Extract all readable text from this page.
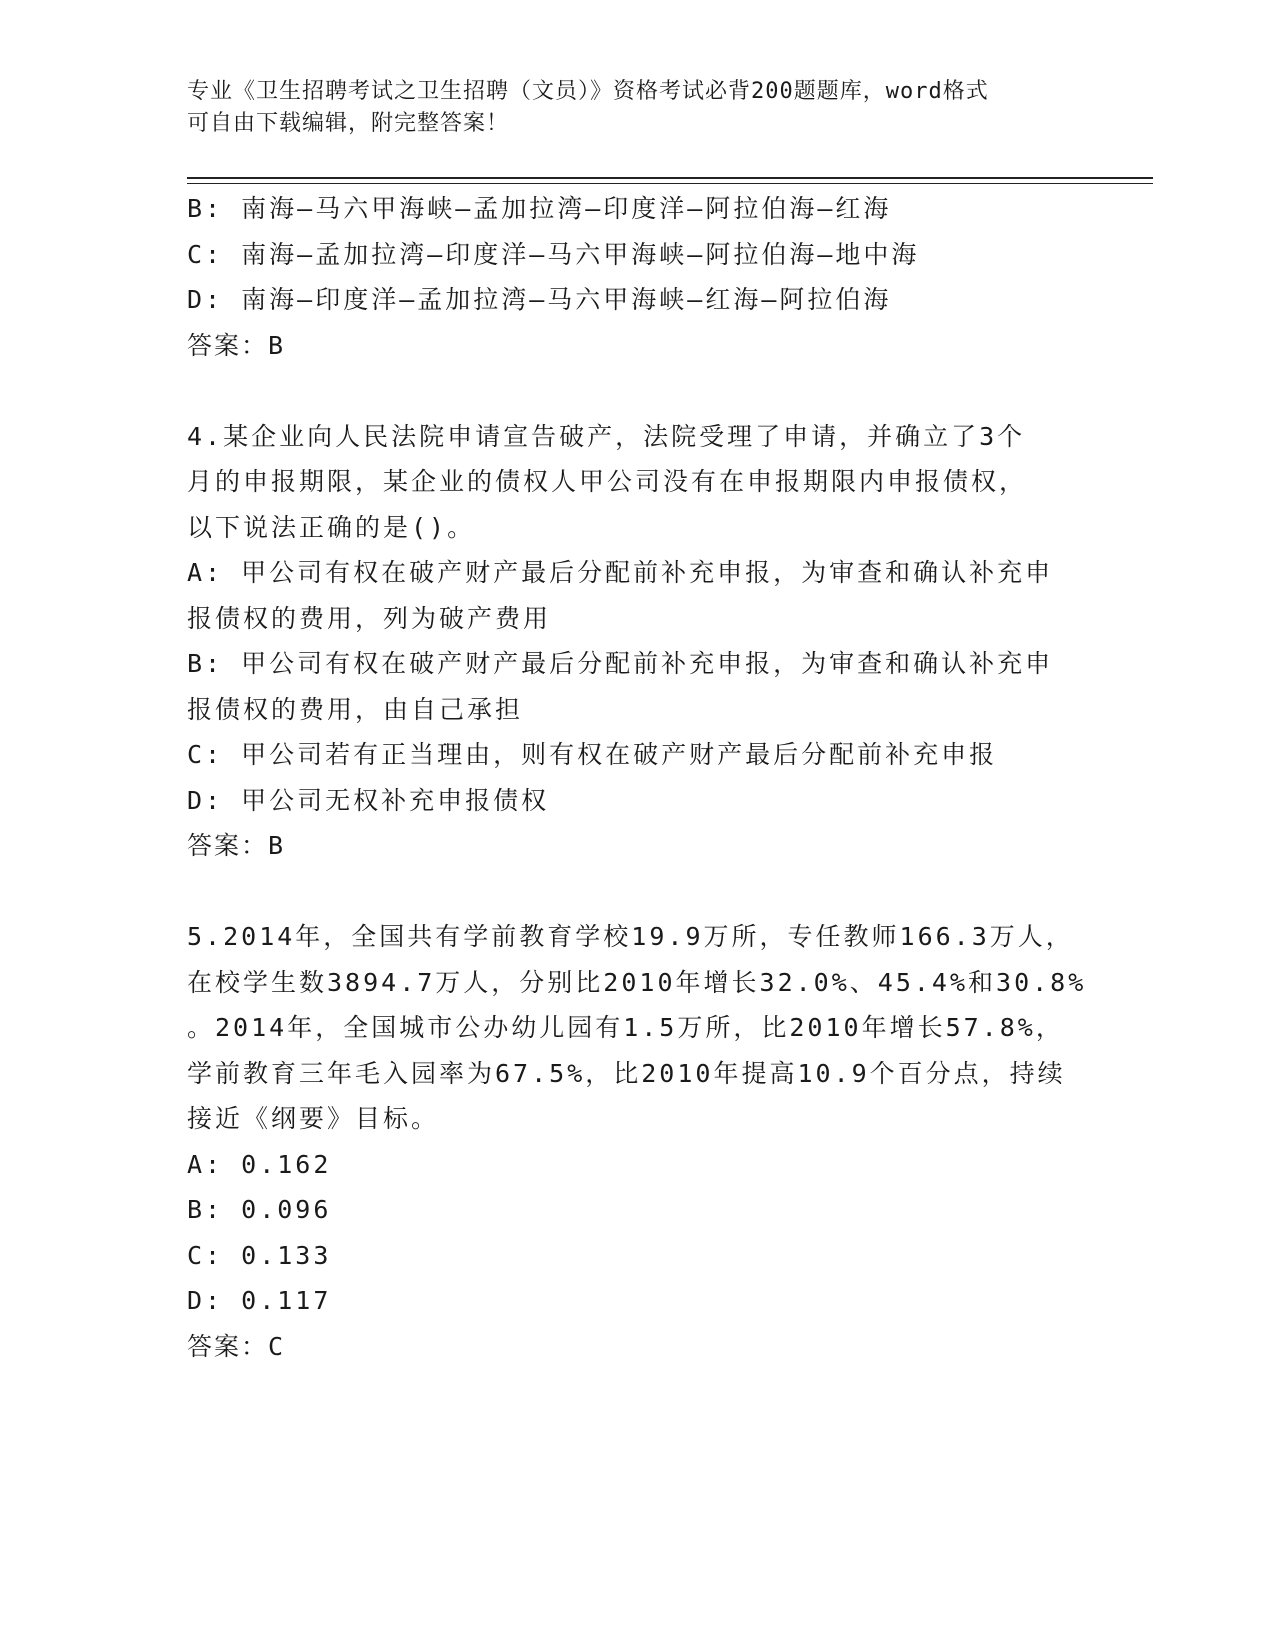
专业《卫生招聘考试之卫生招聘（文员）》资格考试必背200题题库，word格式
可自由下载编辑，附完整答案！
B: 南海—马六甲海峡—孟加拉湾—印度洋—阿拉伯海—红海
C: 南海—孟加拉湾—印度洋—马六甲海峡—阿拉伯海—地中海
D: 南海—印度洋—孟加拉湾—马六甲海峡—红海—阿拉伯海
答案：B
4.某企业向人民法院申请宣告破产，法院受理了申请，并确立了3个
月的申报期限，某企业的债权人甲公司没有在申报期限内申报债权，
以下说法正确的是()。
A: 甲公司有权在破产财产最后分配前补充申报，为审查和确认补充申
报债权的费用，列为破产费用
B: 甲公司有权在破产财产最后分配前补充申报，为审查和确认补充申
报债权的费用，由自己承担
C: 甲公司若有正当理由，则有权在破产财产最后分配前补充申报
D: 甲公司无权补充申报债权
答案：B
5.2014年，全国共有学前教育学校19.9万所，专任教师166.3万人，
在校学生数3894.7万人，分别比2010年增长32.0%、45.4%和30.8%
。2014年，全国城市公办幼儿园有1.5万所，比2010年增长57.8%，
学前教育三年毛入园率为67.5%，比2010年提高10.9个百分点，持续
接近《纲要》目标。
A: 0.162
B: 0.096
C: 0.133
D: 0.117
答案：C
